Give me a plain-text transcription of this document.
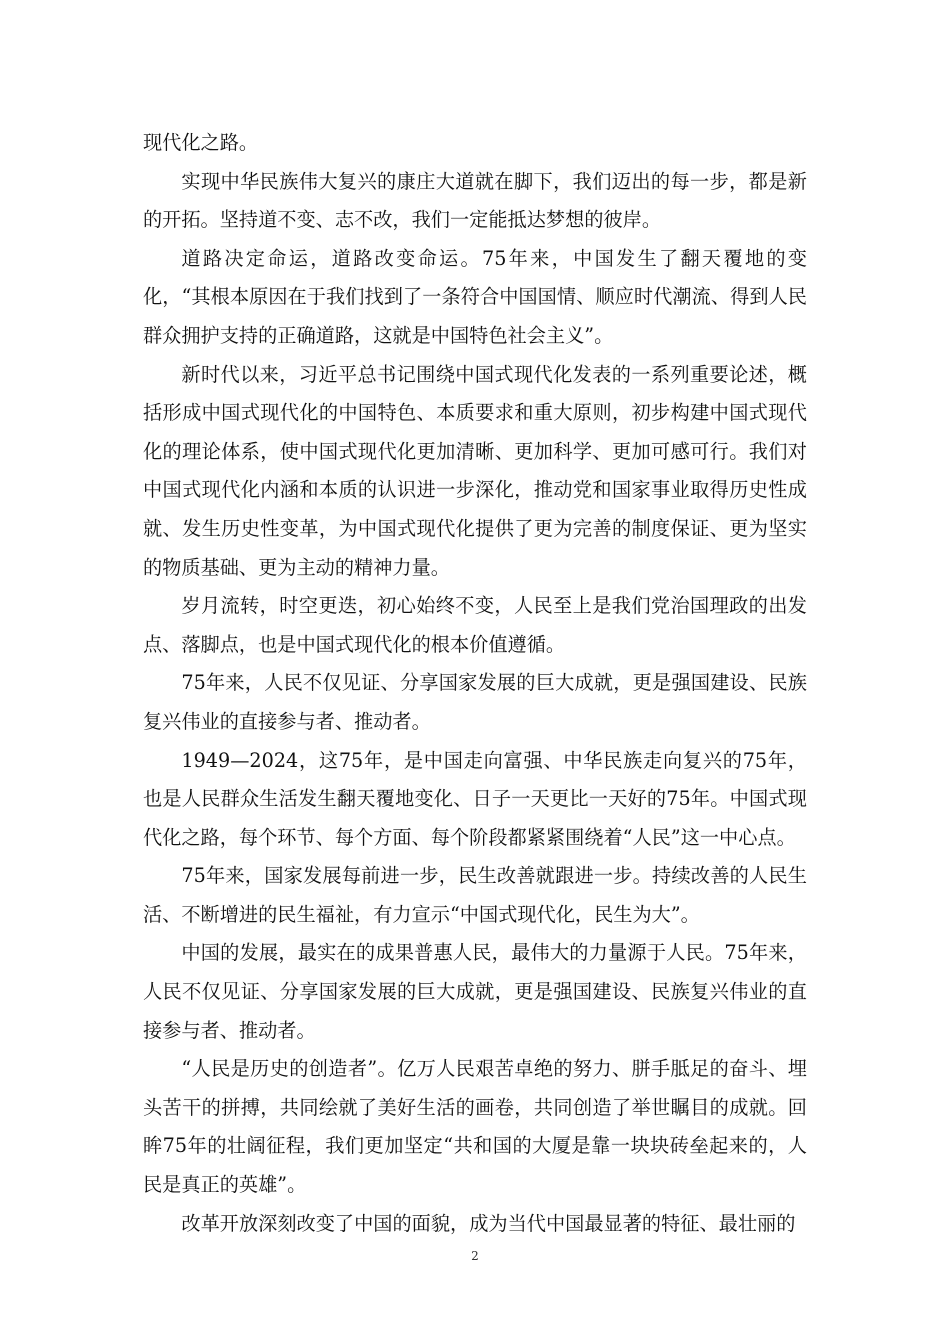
现代化之路。

实现中华民族伟大复兴的康庄大道就在脚下，我们迈出的每一步，都是新的开拓。坚持道不变、志不改，我们一定能抵达梦想的彼岸。

道路决定命运，道路改变命运。75年来，中国发生了翻天覆地的变化，“其根本原因在于我们找到了一条符合中国国情、顺应时代潮流、得到人民群众拥护支持的正确道路，这就是中国特色社会主义”。

新时代以来，习近平总书记围绕中国式现代化发表的一系列重要论述，概括形成中国式现代化的中国特色、本质要求和重大原则，初步构建中国式现代化的理论体系，使中国式现代化更加清晰、更加科学、更加可感可行。我们对中国式现代化内涵和本质的认识进一步深化，推动党和国家事业取得历史性成就、发生历史性变革，为中国式现代化提供了更为完善的制度保证、更为坚实的物质基础、更为主动的精神力量。

岁月流转，时空更迭，初心始终不变，人民至上是我们党治国理政的出发点、落脚点，也是中国式现代化的根本价值遵循。

75年来，人民不仅见证、分享国家发展的巨大成就，更是强国建设、民族复兴伟业的直接参与者、推动者。

1949—2024，这75年，是中国走向富强、中华民族走向复兴的75年，也是人民群众生活发生翻天覆地变化、日子一天更比一天好的75年。中国式现代化之路，每个环节、每个方面、每个阶段都紧紧围绕着“人民”这一中心点。

75年来，国家发展每前进一步，民生改善就跟进一步。持续改善的人民生活、不断增进的民生福祉，有力宣示“中国式现代化，民生为大”。

中国的发展，最实在的成果普惠人民，最伟大的力量源于人民。75年来，人民不仅见证、分享国家发展的巨大成就，更是强国建设、民族复兴伟业的直接参与者、推动者。

“人民是历史的创造者”。亿万人民艰苦卓绝的努力、胼手胝足的奋斗、埋头苦干的拼搏，共同绘就了美好生活的画卷，共同创造了举世瞩目的成就。回眸75年的壮阔征程，我们更加坚定“共和国的大厦是靠一块块砖垒起来的，人民是真正的英雄”。

改革开放深刻改变了中国的面貌，成为当代中国最显著的特征、最壮丽的

2
